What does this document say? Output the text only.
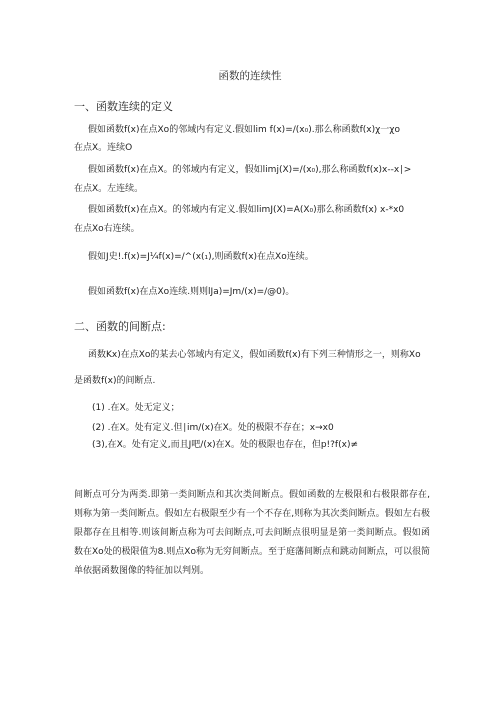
函数的连续性
一、函数连续的定义
假如函数f(x)在点Xo的邻域内有定义.假如lim f(x)=/(x₀).那么称函数f(x)χ一χo
在点X。连续O
假如函数f(x)在点X。的邻域内有定义，假如limj(X)=/(x₀),那么称函数f(x)x--x∣>
在点X。左连续。
假如函数f(x)在点X。的邻域内有定义.假如limJ(X)=A(X₀)那么称函数f(x) x-*x0
在点Xo右连续。
假如J史!.f(x)=J¼f(x)=/^(x(₁),则函数f(x)在点Xo连续。
假如函数f(x)在点Xo连续.则则lJa)=Jm/(x)=/@0)。
二、函数的间断点:
函数Kx)在点Xo的某去心邻域内有定义，假如函数f(x)有下列三种情形之一，则称Xo
是函数f(x)的间断点.
(1) .在X。处无定义；
(2) .在X。处有定义.但∣im/(x)在X。处的极限不存在；x→x0
(3),在X。处有定义,而且J吧/(x)在X。处的极限也存在，但p!?f(x)≠
间断点可分为两类.即第一类间断点和其次类间断点。假如函数的左极限和右极限都存在,则称为第一类间断点。假如左右极限至少有一个不存在,则称为其次类间断点。假如左右极限都存在且相等.则该间断点称为可去间断点,可去间断点很明显是第一类间断点。假如函数在Xo处的极限值为8.则点Xo称为无穷间断点。至于庭藩间断点和跳动间断点，可以很简单依据函数图像的特征加以判别。
